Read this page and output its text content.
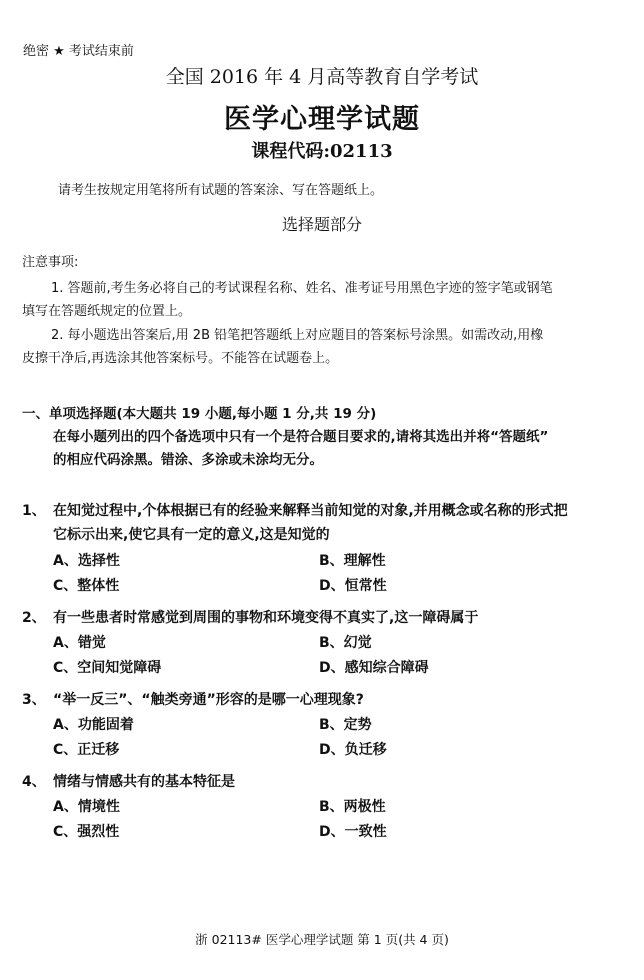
绝密 ★ 考试结束前
全国 2016 年 4 月高等教育自学考试
医学心理学试题
课程代码:02113
请考生按规定用笔将所有试题的答案涂、写在答题纸上。
选择题部分
注意事项:
1. 答题前,考生务必将自己的考试课程名称、姓名、准考证号用黑色字迹的签字笔或钢笔
填写在答题纸规定的位置上。
2. 每小题选出答案后,用 2B 铅笔把答题纸上对应题目的答案标号涂黑。如需改动,用橡
皮擦干净后,再选涂其他答案标号。不能答在试题卷上。
一、单项选择题(本大题共 19 小题,每小题 1 分,共 19 分)
在每小题列出的四个备选项中只有一个是符合题目要求的,请将其选出并将“答题纸”
的相应代码涂黑。错涂、多涂或未涂均无分。
1、 在知觉过程中,个体根据已有的经验来解释当前知觉的对象,并用概念或名称的形式把
它标示出来,使它具有一定的意义,这是知觉的
A、选择性	B、理解性
C、整体性	D、恒常性
2、 有一些患者时常感觉到周围的事物和环境变得不真实了,这一障碍属于
A、错觉	B、幻觉
C、空间知觉障碍	D、感知综合障碍
3、 “举一反三”、“触类旁通”形容的是哪一心理现象?
A、功能固着	B、定势
C、正迁移	D、负迁移
4、 情绪与情感共有的基本特征是
A、情境性	B、两极性
C、强烈性	D、一致性
浙 02113# 医学心理学试题 第 1 页(共 4 页)
